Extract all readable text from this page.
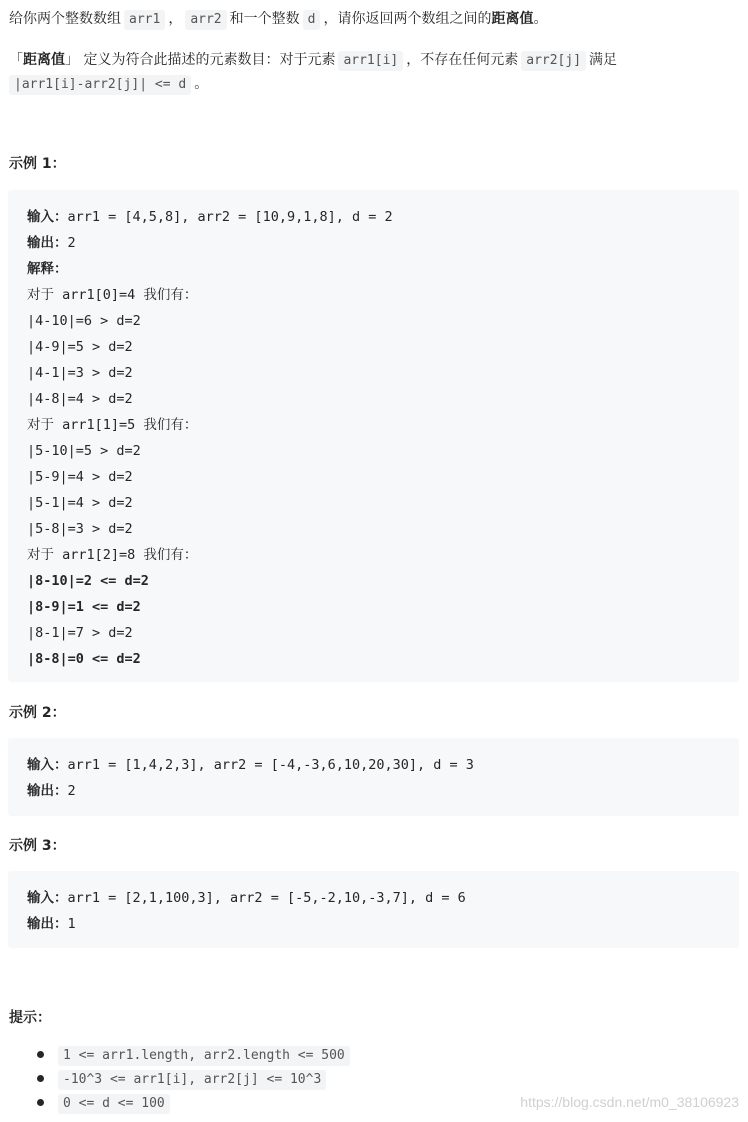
给你两个整数数组 arr1 ， arr2 和一个整数 d ，请你返回两个数组之间的距离值。
「距离值」 定义为符合此描述的元素数目：对于元素 arr1[i] ，不存在任何元素 arr2[j] 满足
|arr1[i]-arr2[j]| <= d 。
示例 1：
输入：arr1 = [4,5,8], arr2 = [10,9,1,8], d = 2
输出：2
解释：
对于 arr1[0]=4 我们有：
|4-10|=6 > d=2
|4-9|=5 > d=2
|4-1|=3 > d=2
|4-8|=4 > d=2
对于 arr1[1]=5 我们有：
|5-10|=5 > d=2
|5-9|=4 > d=2
|5-1|=4 > d=2
|5-8|=3 > d=2
对于 arr1[2]=8 我们有：
|8-10|=2 <= d=2
|8-9|=1 <= d=2
|8-1|=7 > d=2
|8-8|=0 <= d=2
示例 2：
输入：arr1 = [1,4,2,3], arr2 = [-4,-3,6,10,20,30], d = 3
输出：2
示例 3：
输入：arr1 = [2,1,100,3], arr2 = [-5,-2,10,-3,7], d = 6
输出：1
提示：
1 <= arr1.length, arr2.length <= 500
-10^3 <= arr1[i], arr2[j] <= 10^3
0 <= d <= 100	https://blog.csdn.net/m0_38106923
